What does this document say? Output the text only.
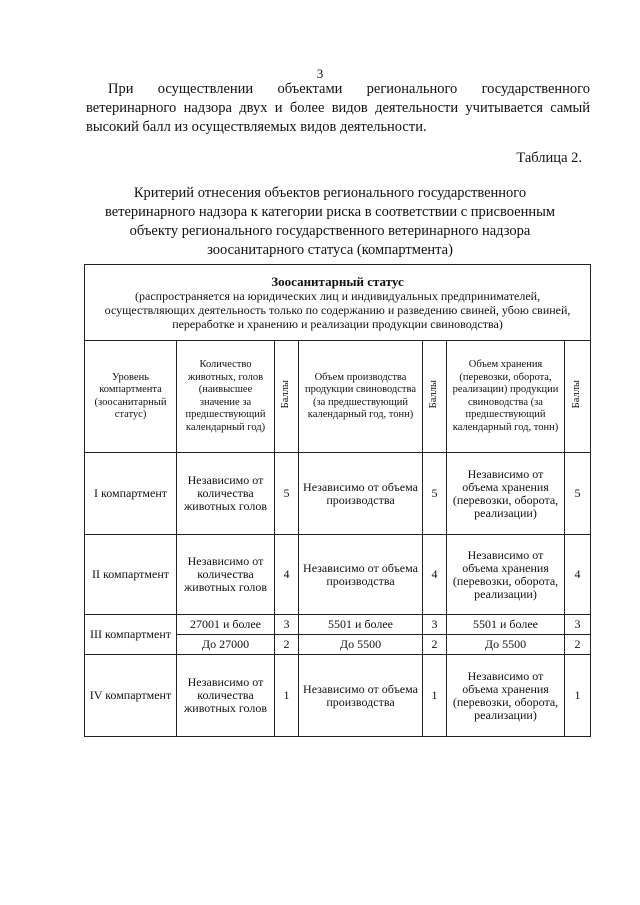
3
При осуществлении объектами регионального государственного ветеринарного надзора двух и более видов деятельности учитывается самый высокий балл из осуществляемых видов деятельности.
Таблица 2.
Критерий отнесения объектов регионального государственного ветеринарного надзора к категории риска в соответствии с присвоенным объекту регионального государственного ветеринарного надзора зоосанитарного статуса (компартмента)
Зоосанитарный статус
(распространяется на юридических лиц и индивидуальных предпринимателей, осуществляющих деятельность только по содержанию и разведению свиней, убою свиней, переработке и хранению и реализации продукции свиноводства)						

Уровень компартмента (зоосанитарный статус)	Количество животных, голов (наивысшее значение за предшествующий календарный год)	Баллы	Объем производства продукции свиноводства (за предшествующий календарный год, тонн)	Баллы	Объем хранения (перевозки, оборота, реализации) продукции свиноводства (за предшествующий календарный год, тонн)	Баллы
I компартмент	Независимо от количества животных голов	5	Независимо от объема производства	5	Независимо от объема хранения (перевозки, оборота, реализации)	5
II компартмент	Независимо от количества животных голов	4	Независимо от объема производства	4	Независимо от объема хранения (перевозки, оборота, реализации)	4
III компартмент	27001 и более	3	5501 и более	3	5501 и более	3
	До 27000	2	До 5500	2	До 5500	2
IV компартмент	Независимо от количества животных голов	1	Независимо от объема производства	1	Независимо от объема хранения (перевозки, оборота, реализации)	1
